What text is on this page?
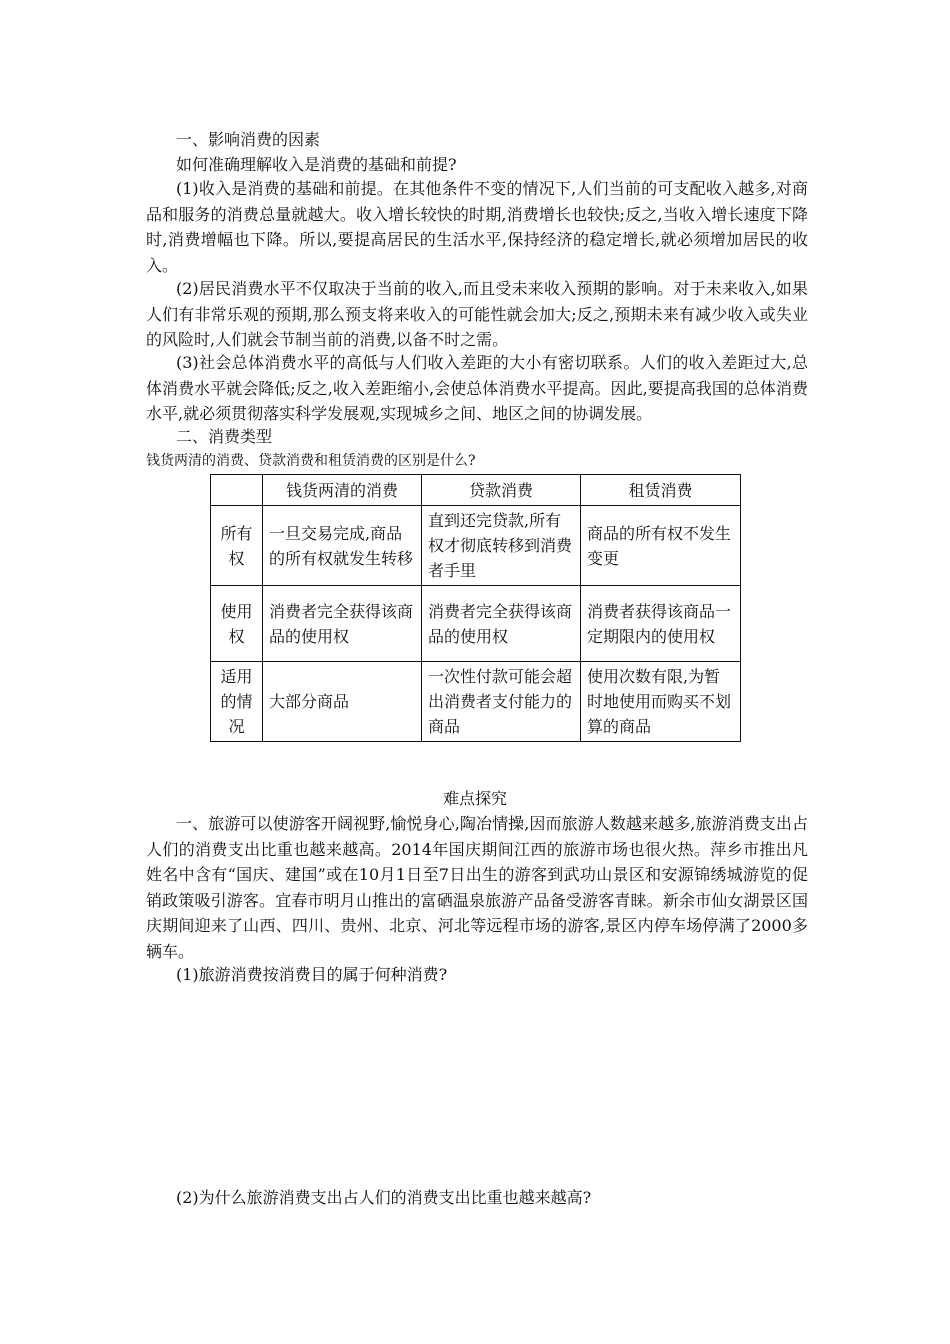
一、影响消费的因素
如何准确理解收入是消费的基础和前提?
(1)收入是消费的基础和前提。在其他条件不变的情况下,人们当前的可支配收入越多,对商品和服务的消费总量就越大。收入增长较快的时期,消费增长也较快;反之,当收入增长速度下降时,消费增幅也下降。所以,要提高居民的生活水平,保持经济的稳定增长,就必须增加居民的收入。
(2)居民消费水平不仅取决于当前的收入,而且受未来收入预期的影响。对于未来收入,如果人们有非常乐观的预期,那么预支将来收入的可能性就会加大;反之,预期未来有减少收入或失业的风险时,人们就会节制当前的消费,以备不时之需。
(3)社会总体消费水平的高低与人们收入差距的大小有密切联系。人们的收入差距过大,总体消费水平就会降低;反之,收入差距缩小,会使总体消费水平提高。因此,要提高我国的总体消费水平,就必须贯彻落实科学发展观,实现城乡之间、地区之间的协调发展。
二、消费类型
钱货两清的消费、贷款消费和租赁消费的区别是什么?
	钱货两清的消费	贷款消费	租赁消费
所有权	一旦交易完成,商品的所有权就发生转移	直到还完贷款,所有权才彻底转移到消费者手里	商品的所有权不发生变更
使用权	消费者完全获得该商品的使用权	消费者完全获得该商品的使用权	消费者获得该商品一定期限内的使用权
适用的情况	大部分商品	一次性付款可能会超出消费者支付能力的商品	使用次数有限,为暂时地使用而购买不划算的商品
难点探究
一、旅游可以使游客开阔视野,愉悦身心,陶冶情操,因而旅游人数越来越多,旅游消费支出占人们的消费支出比重也越来越高。2014年国庆期间江西的旅游市场也很火热。萍乡市推出凡姓名中含有“国庆、建国”或在10月1日至7日出生的游客到武功山景区和安源锦绣城游览的促销政策吸引游客。宜春市明月山推出的富硒温泉旅游产品备受游客青睐。新余市仙女湖景区国庆期间迎来了山西、四川、贵州、北京、河北等远程市场的游客,景区内停车场停满了2000多辆车。
(1)旅游消费按消费目的属于何种消费?
(2)为什么旅游消费支出占人们的消费支出比重也越来越高?
